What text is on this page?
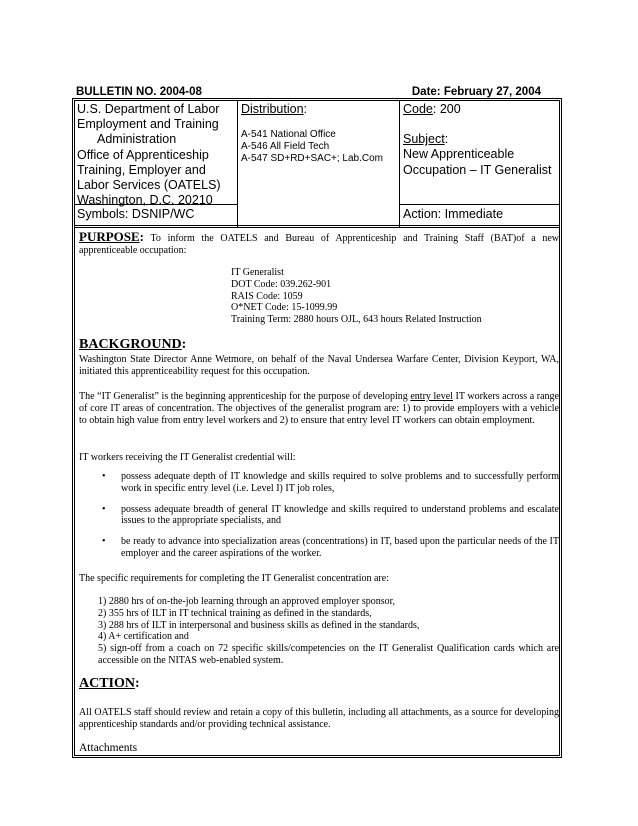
BULLETIN NO. 2004-08	Date: February 27, 2004
U.S. Department of Labor
Employment and Training
Administration
Office of Apprenticeship
Training, Employer and
Labor Services (OATELS)
Washington, D.C. 20210
Symbols: DSNIP/WC
Distribution:
A-541 National Office
A-546 All Field Tech
A-547 SD+RD+SAC+; Lab.Com
Code: 200
Subject:
New Apprenticeable
Occupation – IT Generalist
Action: Immediate
PURPOSE: To inform the OATELS and Bureau of Apprenticeship and Training Staff (BAT)of a new apprenticeable occupation:
IT Generalist
DOT Code: 039.262-901
RAIS Code: 1059
O*NET Code: 15-1099.99
Training Term: 2880 hours OJL, 643 hours Related Instruction
BACKGROUND:
Washington State Director Anne Wetmore, on behalf of the Naval Undersea Warfare Center, Division Keyport, WA, initiated this apprenticeability request for this occupation.
The “IT Generalist” is the beginning apprenticeship for the purpose of developing entry level IT workers across a range of core IT areas of concentration. The objectives of the generalist program are: 1) to provide employers with a vehicle to obtain high value from entry level workers and 2) to ensure that entry level IT workers can obtain employment.
IT workers receiving the IT Generalist credential will:
• possess adequate depth of IT knowledge and skills required to solve problems and to successfully perform work in specific entry level (i.e. Level I) IT job roles,
• possess adequate breadth of general IT knowledge and skills required to understand problems and escalate issues to the appropriate specialists, and
• be ready to advance into specialization areas (concentrations) in IT, based upon the particular needs of the IT employer and the career aspirations of the worker.
The specific requirements for completing the IT Generalist concentration are:
1) 2880 hrs of on-the-job learning through an approved employer sponsor,
2) 355 hrs of ILT in IT technical training as defined in the standards,
3) 288 hrs of ILT in interpersonal and business skills as defined in the standards,
4) A+ certification and
5) sign-off from a coach on 72 specific skills/competencies on the IT Generalist Qualification cards which are accessible on the NITAS web-enabled system.
ACTION:
All OATELS staff should review and retain a copy of this bulletin, including all attachments, as a source for developing apprenticeship standards and/or providing technical assistance.
Attachments
